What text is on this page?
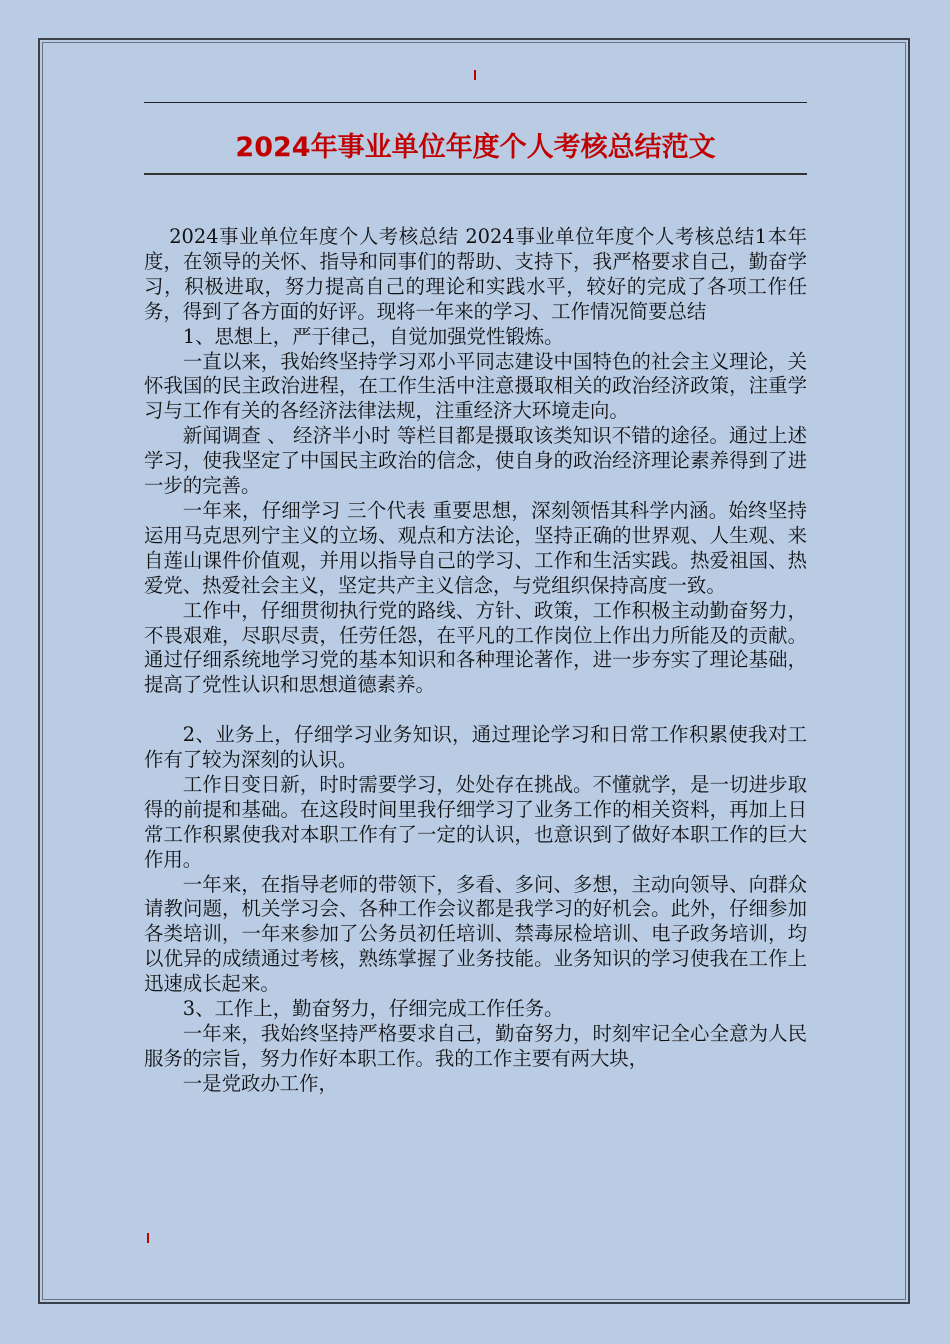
2024年事业单位年度个人考核总结范文

2024事业单位年度个人考核总结 2024事业单位年度个人考核总结1本年度，在领导的关怀、指导和同事们的帮助、支持下，我严格要求自己，勤奋学习，积极进取，努力提高自己的理论和实践水平，较好的完成了各项工作任务，得到了各方面的好评。现将一年来的学习、工作情况简要总结

1、思想上，严于律己，自觉加强党性锻炼。

一直以来，我始终坚持学习邓小平同志建设中国特色的社会主义理论，关怀我国的民主政治进程，在工作生活中注意摄取相关的政治经济政策，注重学习与工作有关的各经济法律法规，注重经济大环境走向。

新闻调查 、 经济半小时 等栏目都是摄取该类知识不错的途径。通过上述学习，使我坚定了中国民主政治的信念，使自身的政治经济理论素养得到了进一步的完善。

一年来，仔细学习 三个代表 重要思想，深刻领悟其科学内涵。始终坚持运用马克思列宁主义的立场、观点和方法论，坚持正确的世界观、人生观、来自莲山课件价值观，并用以指导自己的学习、工作和生活实践。热爱祖国、热爱党、热爱社会主义，坚定共产主义信念，与党组织保持高度一致。

工作中，仔细贯彻执行党的路线、方针、政策，工作积极主动勤奋努力，不畏艰难，尽职尽责，任劳任怨，在平凡的工作岗位上作出力所能及的贡献。通过仔细系统地学习党的基本知识和各种理论著作，进一步夯实了理论基础，提高了党性认识和思想道德素养。

2、业务上，仔细学习业务知识，通过理论学习和日常工作积累使我对工作有了较为深刻的认识。

工作日变日新，时时需要学习，处处存在挑战。不懂就学，是一切进步取得的前提和基础。在这段时间里我仔细学习了业务工作的相关资料，再加上日常工作积累使我对本职工作有了一定的认识，也意识到了做好本职工作的巨大作用。

一年来，在指导老师的带领下，多看、多问、多想，主动向领导、向群众请教问题，机关学习会、各种工作会议都是我学习的好机会。此外，仔细参加各类培训，一年来参加了公务员初任培训、禁毒尿检培训、电子政务培训，均以优异的成绩通过考核，熟练掌握了业务技能。业务知识的学习使我在工作上迅速成长起来。

3、工作上，勤奋努力，仔细完成工作任务。

一年来，我始终坚持严格要求自己，勤奋努力，时刻牢记全心全意为人民服务的宗旨，努力作好本职工作。我的工作主要有两大块，

一是党政办工作，
